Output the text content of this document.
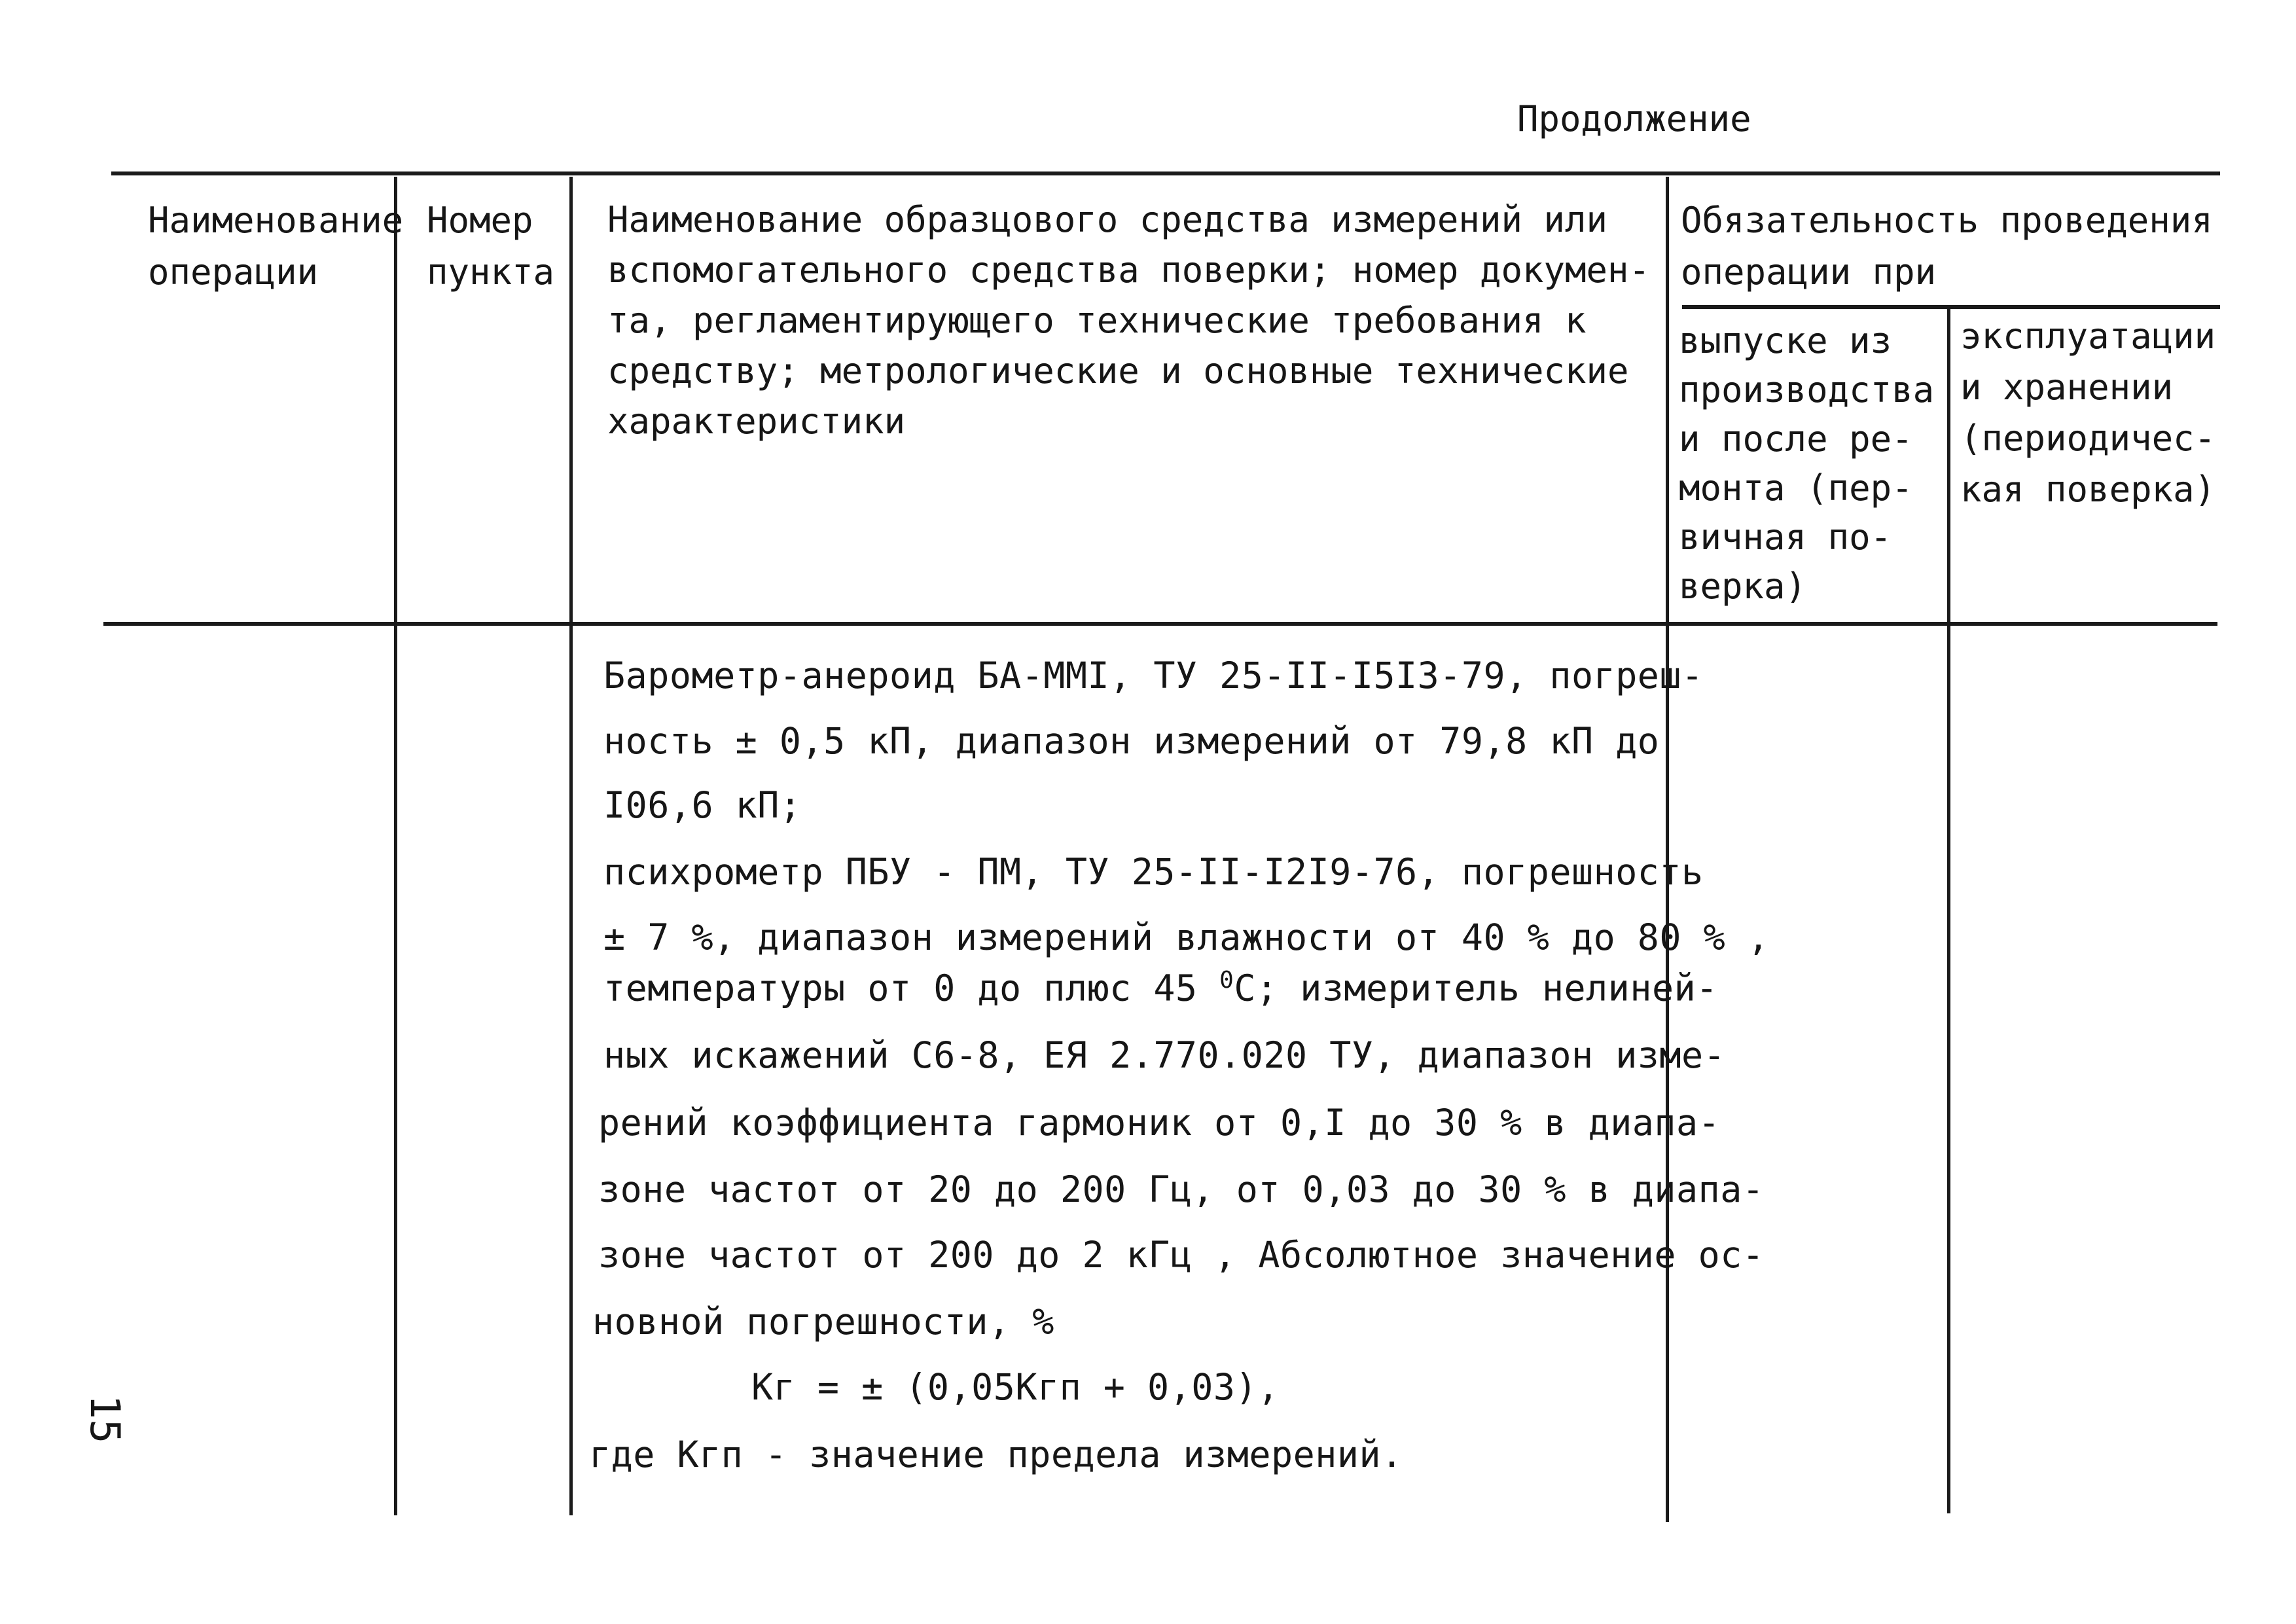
Продолжение
Наименование
операции
Номер
пункта
Наименование образцового средства измерений или
вспомогательного средства поверки; номер докумен-
та, регламентирующего технические требования к
средству; метрологические и основные технические
характеристики
Обязательность проведения
операции при
выпуске из
производства
и после ре-
монта (пер-
вичная по-
верка)
эксплуатации
и хранении
(периодичес-
кая поверка)
Барометр-анероид БА-ММI, ТУ 25-II-I5I3-79, погреш-
ность ± 0,5 кП, диапазон измерений от 79,8 кП до
I06,6 кП;
психрометр ПБУ - ПМ, ТУ 25-II-I2I9-76, погрешность
± 7 %, диапазон измерений влажности от 40 % до 80 % ,
температуры от 0 до плюс 45 $^0$С; измеритель нелиней-
ных искажений С6-8, ЕЯ 2.770.020 ТУ, диапазон изме-
рений коэффициента гармоник от 0,I до 30 % в диапа-
зоне частот от 20 до 200 Гц, от 0,03 до 30 % в диапа-
зоне частот от 200 до 2 кГц , Абсолютное значение ос-
новной погрешности, %
Кг = ± (0,05Кгп + 0,03),
где Кгп - значение предела измерений.
15
